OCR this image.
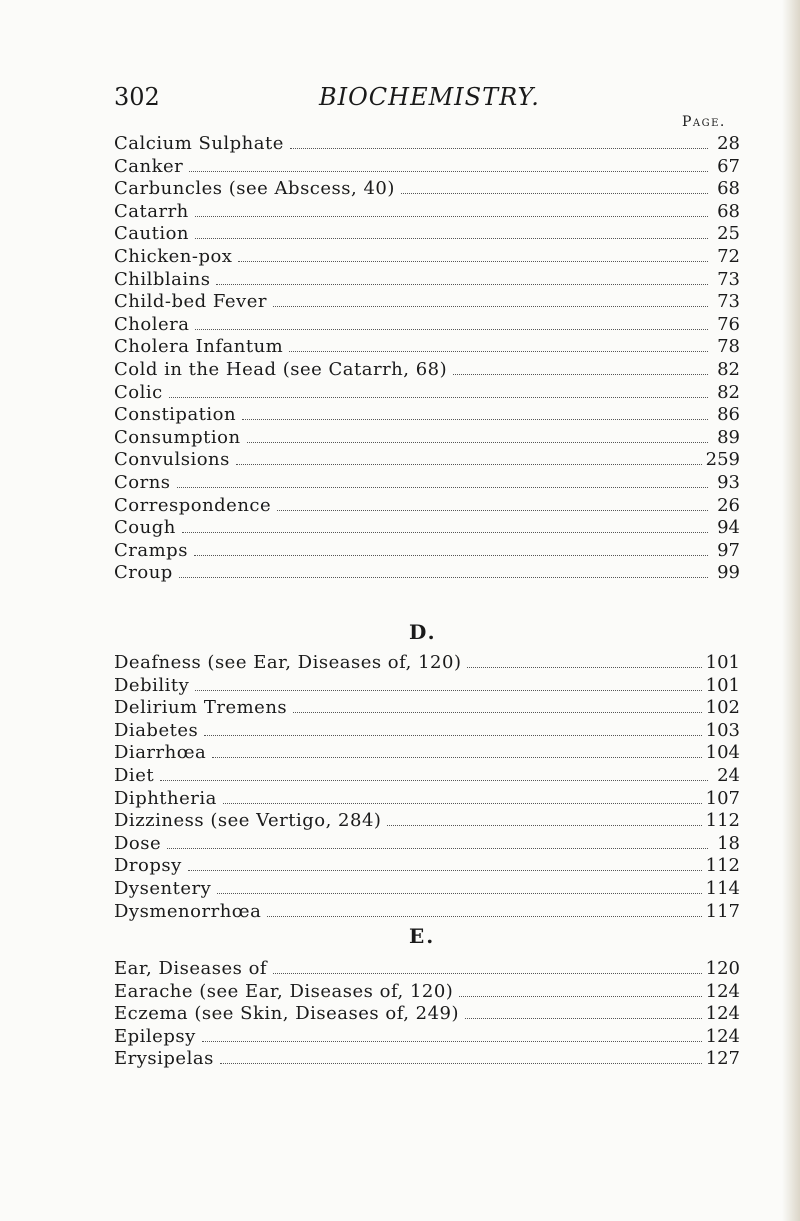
302	BIOCHEMISTRY.
Page.
Calcium Sulphate	28
Canker	67
Carbuncles (see Abscess, 40)	68
Catarrh	68
Caution	25
Chicken-pox	72
Chilblains	73
Child-bed Fever	73
Cholera	76
Cholera Infantum	78
Cold in the Head (see Catarrh, 68)	82
Colic	82
Constipation	86
Consumption	89
Convulsions	259
Corns	93
Correspondence	26
Cough	94
Cramps	97
Croup	99
D.
Deafness (see Ear, Diseases of, 120)	101
Debility	101
Delirium Tremens	102
Diabetes	103
Diarrhœa	104
Diet	24
Diphtheria	107
Dizziness (see Vertigo, 284)	112
Dose	18
Dropsy	112
Dysentery	114
Dysmenorrhœa	117
E.
Ear, Diseases of	120
Earache (see Ear, Diseases of, 120)	124
Eczema (see Skin, Diseases of, 249)	124
Epilepsy	124
Erysipelas	127
